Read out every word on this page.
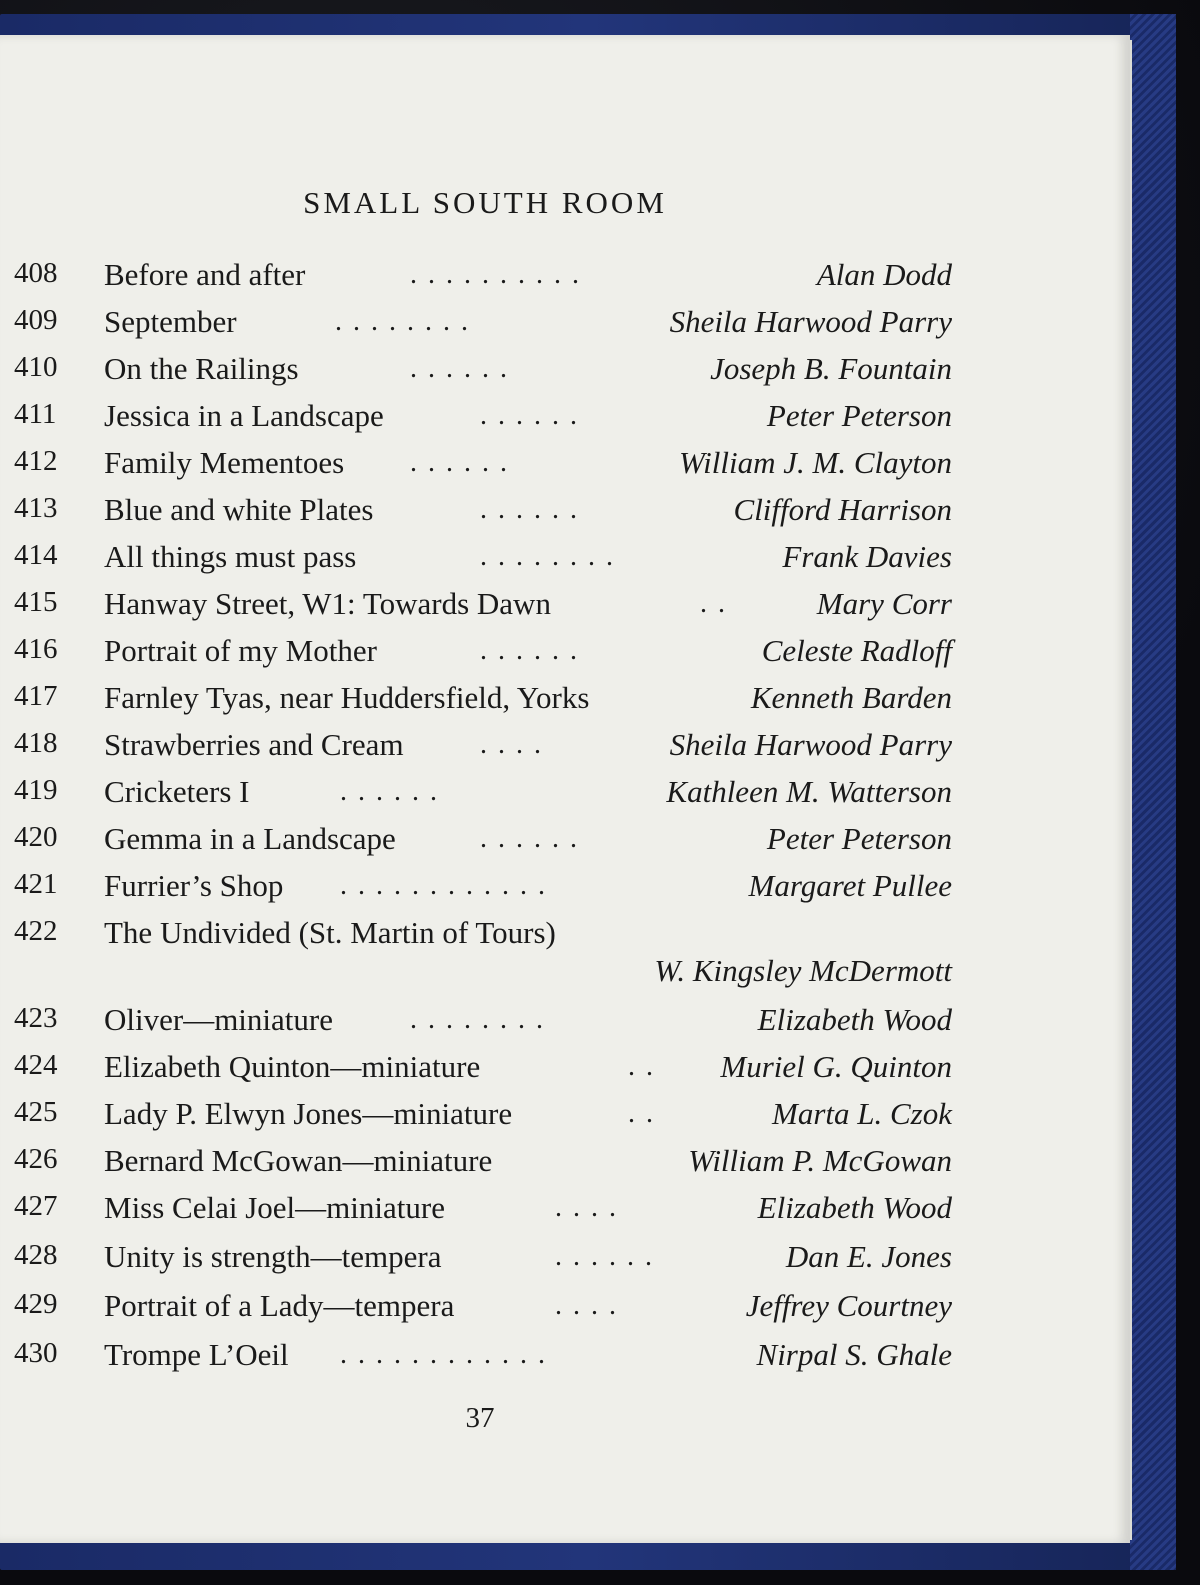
SMALL SOUTH ROOM
408 Before and after	. . . . . . . . . .	Alan Dodd
409 September	. . . . . . . .	Sheila Harwood Parry
410 On the Railings	. . . . . .	Joseph B. Fountain
411 Jessica in a Landscape	. . . . . .	Peter Peterson
412 Family Mementoes . . . . . .	William J. M. Clayton
413 Blue and white Plates	. . . . . .	Clifford Harrison
414 All things must pass	. . . . . . . .	Frank Davies
415 Hanway Street, W1: Towards Dawn	. .	Mary Corr
416 Portrait of my Mother	. . . . . .	Celeste Radloff
417 Farnley Tyas, near Huddersfield, Yorks	Kenneth Barden
418 Strawberries and Cream	. . . .	Sheila Harwood Parry
419 Cricketers I	. . . . . .	Kathleen M. Watterson
420 Gemma in a Landscape	. . . . . .	Peter Peterson
421 Furrier’s Shop . . . . . . . . . . . .	Margaret Pullee
422 The Undivided (St. Martin of Tours)
W. Kingsley McDermott
423 Oliver—miniature	. . . . . . . .	Elizabeth Wood
424 Elizabeth Quinton—miniature	. . Muriel G. Quinton
425 Lady P. Elwyn Jones—miniature	. .	Marta L. Czok
426 Bernard McGowan—miniature	William P. McGowan
427 Miss Celai Joel—miniature	. . . .	Elizabeth Wood
428 Unity is strength—tempera	. . . . . .	Dan E. Jones
429 Portrait of a Lady—tempera	. . . .	Jeffrey Courtney
430 Trompe L’Oeil . . . . . . . . . . . .	Nirpal S. Ghale
37
